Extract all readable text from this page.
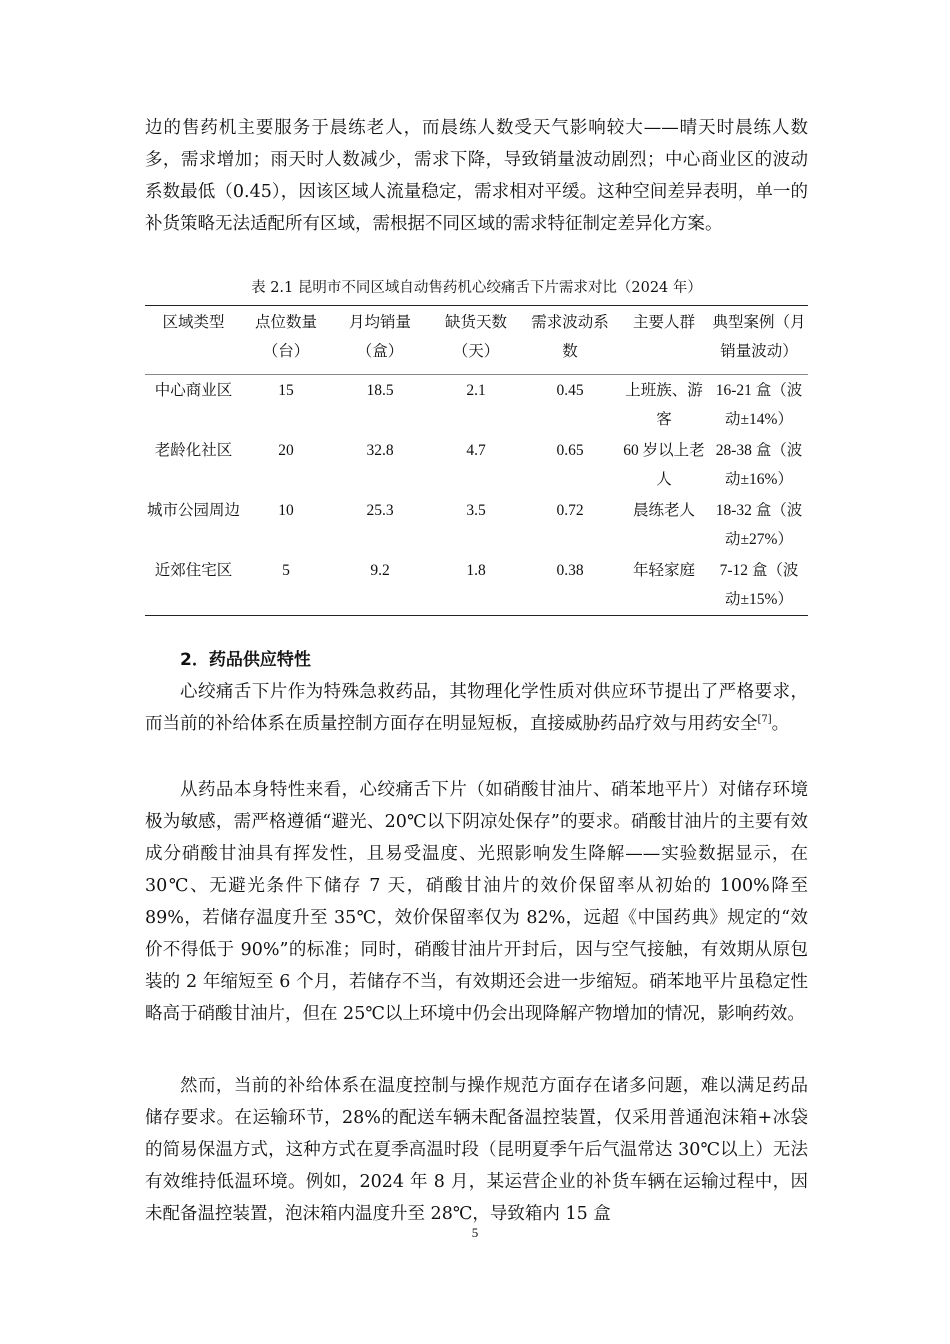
边的售药机主要服务于晨练老人，而晨练人数受天气影响较大——晴天时晨练人数多，需求增加；雨天时人数减少，需求下降，导致销量波动剧烈；中心商业区的波动系数最低（0.45），因该区域人流量稳定，需求相对平缓。这种空间差异表明，单一的补货策略无法适配所有区域，需根据不同区域的需求特征制定差异化方案。
表 2.1 昆明市不同区域自动售药机心绞痛舌下片需求对比（2024 年）
区域类型	点位数量（台）	月均销量（盒）	缺货天数（天）	需求波动系数	主要人群	典型案例（月销量波动）
中心商业区	15	18.5	2.1	0.45	上班族、游客	16-21 盒（波动±14%）
老龄化社区	20	32.8	4.7	0.65	60 岁以上老人	28-38 盒（波动±16%）
城市公园周边	10	25.3	3.5	0.72	晨练老人	18-32 盒（波动±27%）
近郊住宅区	5	9.2	1.8	0.38	年轻家庭	7-12 盒（波动±15%）
2．药品供应特性
心绞痛舌下片作为特殊急救药品，其物理化学性质对供应环节提出了严格要求，而当前的补给体系在质量控制方面存在明显短板，直接威胁药品疗效与用药安全[7]。
从药品本身特性来看，心绞痛舌下片（如硝酸甘油片、硝苯地平片）对储存环境极为敏感，需严格遵循“避光、20℃以下阴凉处保存”的要求。硝酸甘油片的主要有效成分硝酸甘油具有挥发性，且易受温度、光照影响发生降解——实验数据显示，在 30℃、无避光条件下储存 7 天，硝酸甘油片的效价保留率从初始的 100%降至 89%，若储存温度升至 35℃，效价保留率仅为 82%，远超《中国药典》规定的“效价不得低于 90%”的标准；同时，硝酸甘油片开封后，因与空气接触，有效期从原包装的 2 年缩短至 6 个月，若储存不当，有效期还会进一步缩短。硝苯地平片虽稳定性略高于硝酸甘油片，但在 25℃以上环境中仍会出现降解产物增加的情况，影响药效。
然而，当前的补给体系在温度控制与操作规范方面存在诸多问题，难以满足药品储存要求。在运输环节，28%的配送车辆未配备温控装置，仅采用普通泡沫箱+冰袋的简易保温方式，这种方式在夏季高温时段（昆明夏季午后气温常达 30℃以上）无法有效维持低温环境。例如，2024 年 8 月，某运营企业的补货车辆在运输过程中，因未配备温控装置，泡沫箱内温度升至 28℃，导致箱内 15 盒
5
